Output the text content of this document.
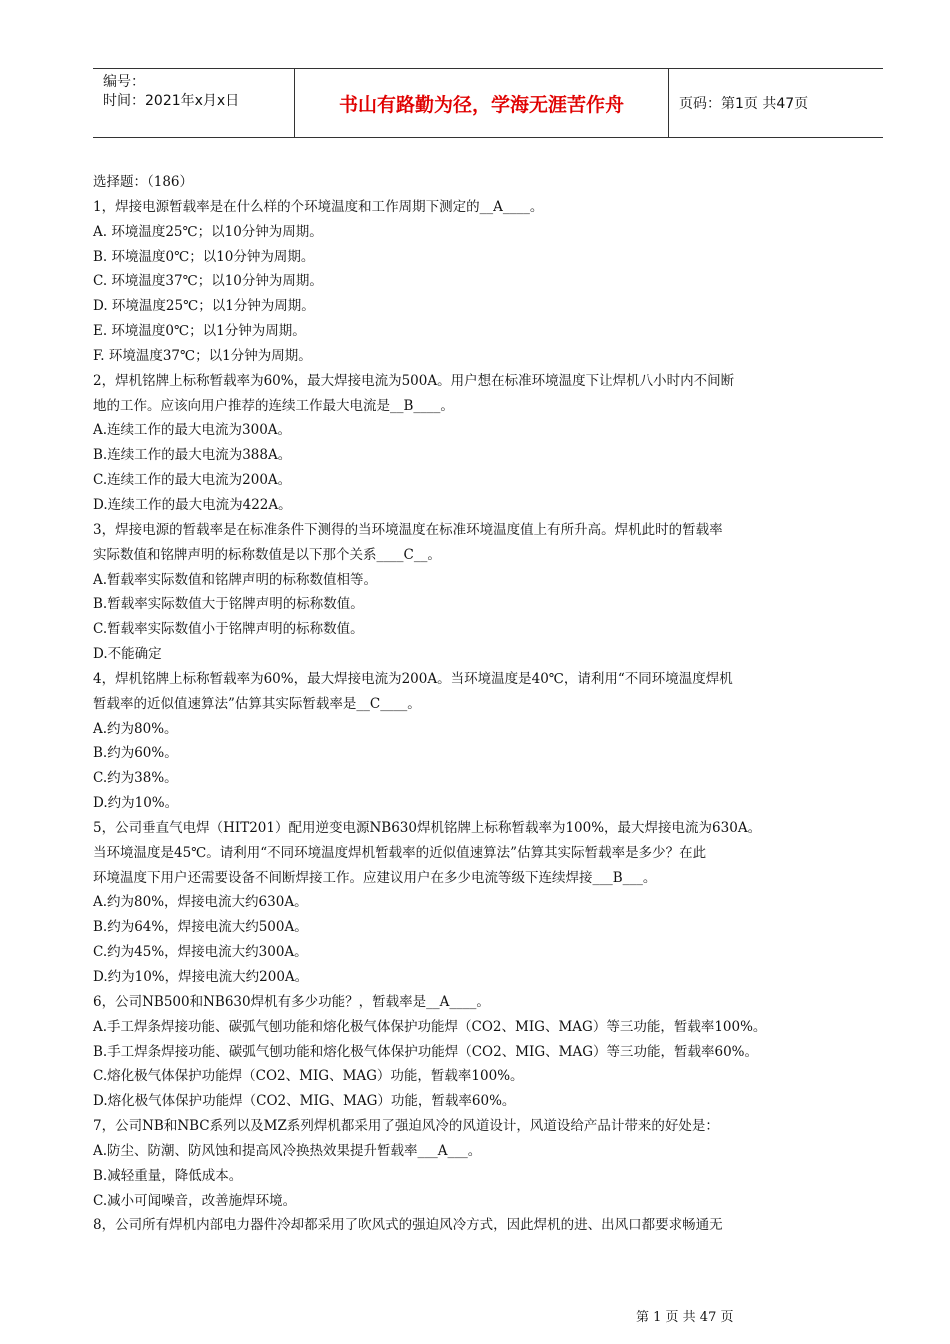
编号：
时间：2021年x月x日	书山有路勤为径，学海无涯苦作舟	页码：第1页 共47页
选择题：（186）
1，焊接电源暂载率是在什么样的个环境温度和工作周期下测定的__A____。
A. 环境温度25℃；以10分钟为周期。
B. 环境温度0℃；以10分钟为周期。
C. 环境温度37℃；以10分钟为周期。
D. 环境温度25℃；以1分钟为周期。
E. 环境温度0℃；以1分钟为周期。
F. 环境温度37℃；以1分钟为周期。
2，焊机铭牌上标称暂载率为60%，最大焊接电流为500A。用户想在标准环境温度下让焊机八小时内不间断
地的工作。应该向用户推荐的连续工作最大电流是__B____。
A.连续工作的最大电流为300A。
B.连续工作的最大电流为388A。
C.连续工作的最大电流为200A。
D.连续工作的最大电流为422A。
3，焊接电源的暂载率是在标准条件下测得的当环境温度在标准环境温度值上有所升高。焊机此时的暂载率
实际数值和铭牌声明的标称数值是以下那个关系____C__。
A.暂载率实际数值和铭牌声明的标称数值相等。
B.暂载率实际数值大于铭牌声明的标称数值。
C.暂载率实际数值小于铭牌声明的标称数值。
D.不能确定
4，焊机铭牌上标称暂载率为60%，最大焊接电流为200A。当环境温度是40℃，请利用“不同环境温度焊机
暂载率的近似值速算法”估算其实际暂载率是__C____。
A.约为80%。
B.约为60%。
C.约为38%。
D.约为10%。
5，公司垂直气电焊（HIT201）配用逆变电源NB630焊机铭牌上标称暂载率为100%，最大焊接电流为630A。
当环境温度是45℃。请利用“不同环境温度焊机暂载率的近似值速算法”估算其实际暂载率是多少？在此
环境温度下用户还需要设备不间断焊接工作。应建议用户在多少电流等级下连续焊接___B___。
A.约为80%，焊接电流大约630A。
B.约为64%，焊接电流大约500A。
C.约为45%，焊接电流大约300A。
D.约为10%，焊接电流大约200A。
6，公司NB500和NB630焊机有多少功能？，暂载率是__A____。
A.手工焊条焊接功能、碳弧气刨功能和熔化极气体保护功能焊（CO2、MIG、MAG）等三功能，暂载率100%。
B.手工焊条焊接功能、碳弧气刨功能和熔化极气体保护功能焊（CO2、MIG、MAG）等三功能，暂载率60%。
C.熔化极气体保护功能焊（CO2、MIG、MAG）功能，暂载率100%。
D.熔化极气体保护功能焊（CO2、MIG、MAG）功能，暂载率60%。
7，公司NB和NBC系列以及MZ系列焊机都采用了强迫风冷的风道设计，风道设给产品计带来的好处是：
A.防尘、防潮、防风蚀和提高风冷换热效果提升暂载率___A___。
B.减轻重量，降低成本。
C.减小可闻噪音，改善施焊环境。
8，公司所有焊机内部电力器件冷却都采用了吹风式的强迫风冷方式，因此焊机的进、出风口都要求畅通无
第 1 页 共 47 页
